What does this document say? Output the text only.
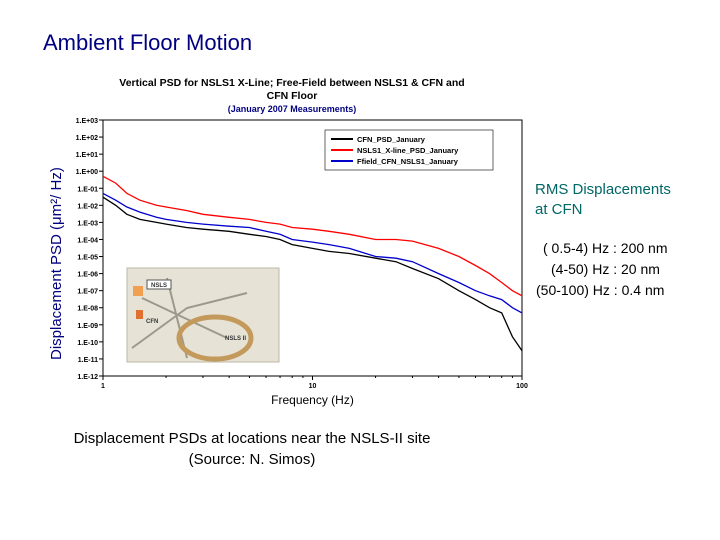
Ambient Floor Motion
Vertical PSD for NSLS1 X-Line; Free-Field between NSLS1 & CFN and
CFN Floor
(January 2007 Measurements)
1.E+03
1.E+02
1.E+01
1.E+00
1.E-01
1.E-02
1.E-03
1.E-04
1.E-05
1.E-06
1.E-07
1.E-08
1.E-09
1.E-10
1.E-11
1.E-12
1	10	100
Frequency (Hz)
NSLS
CFN
NSLS II
CFN_PSD_January
NSLS1_X-line_PSD_January
Ffield_CFN_NSLS1_January
Displacement PSD (μm²/ Hz)	RMS Displacements
at CFN
( 0.5-4) Hz : 200 nm
(4-50) Hz : 20 nm
(50-100) Hz : 0.4 nm
Displacement PSDs at locations near the NSLS-II site
(Source: N. Simos)
